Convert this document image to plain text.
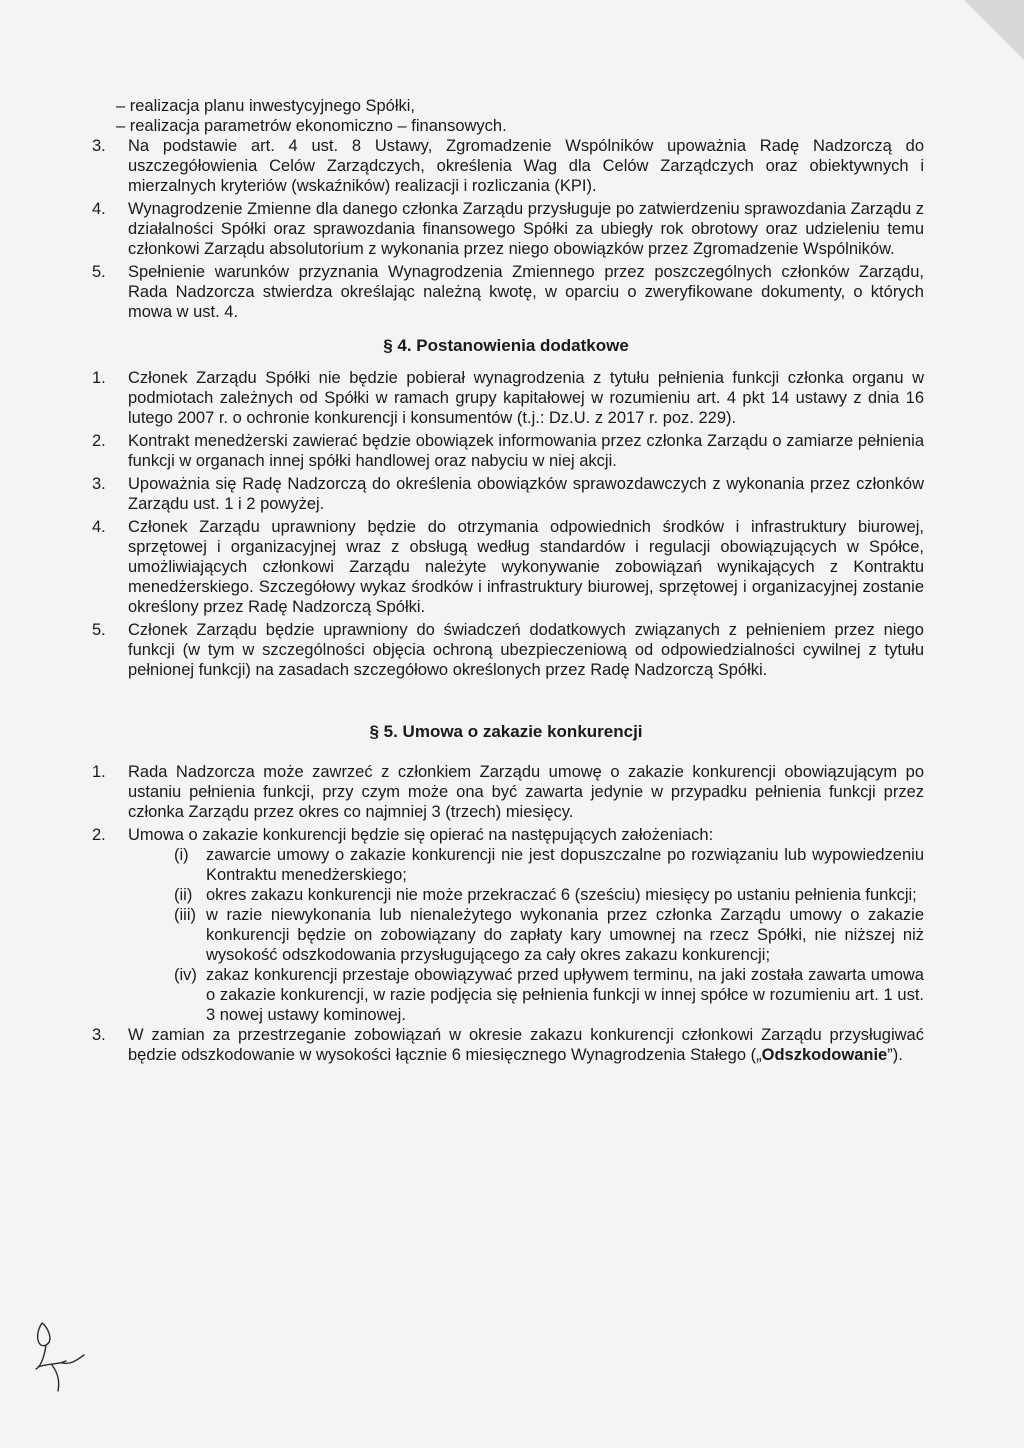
– realizacja planu inwestycyjnego Spółki,

– realizacja parametrów ekonomiczno – finansowych.

3. Na podstawie art. 4 ust. 8 Ustawy, Zgromadzenie Wspólników upoważnia Radę Nadzorczą do uszczegółowienia Celów Zarządczych, określenia Wag dla Celów Zarządczych oraz obiektywnych i mierzalnych kryteriów (wskaźników) realizacji i rozliczania (KPI).
4. Wynagrodzenie Zmienne dla danego członka Zarządu przysługuje po zatwierdzeniu sprawozdania Zarządu z działalności Spółki oraz sprawozdania finansowego Spółki za ubiegły rok obrotowy oraz udzieleniu temu członkowi Zarządu absolutorium z wykonania przez niego obowiązków przez Zgromadzenie Wspólników.
5. Spełnienie warunków przyznania Wynagrodzenia Zmiennego przez poszczególnych członków Zarządu, Rada Nadzorcza stwierdza określając należną kwotę, w oparciu o zweryfikowane dokumenty, o których mowa w ust. 4.
§ 4. Postanowienia dodatkowe
1. Członek Zarządu Spółki nie będzie pobierał wynagrodzenia z tytułu pełnienia funkcji członka organu w podmiotach zależnych od Spółki w ramach grupy kapitałowej w rozumieniu art. 4 pkt 14 ustawy z dnia 16 lutego 2007 r. o ochronie konkurencji i konsumentów (t.j.: Dz.U. z 2017 r. poz. 229).
2. Kontrakt menedżerski zawierać będzie obowiązek informowania przez członka Zarządu o zamiarze pełnienia funkcji w organach innej spółki handlowej oraz nabyciu w niej akcji.
3. Upoważnia się Radę Nadzorczą do określenia obowiązków sprawozdawczych z wykonania przez członków Zarządu ust. 1 i 2 powyżej.
4. Członek Zarządu uprawniony będzie do otrzymania odpowiednich środków i infrastruktury biurowej, sprzętowej i organizacyjnej wraz z obsługą według standardów i regulacji obowiązujących w Spółce, umożliwiających członkowi Zarządu należyte wykonywanie zobowiązań wynikających z Kontraktu menedżerskiego. Szczegółowy wykaz środków i infrastruktury biurowej, sprzętowej i organizacyjnej zostanie określony przez Radę Nadzorczą Spółki.
5. Członek Zarządu będzie uprawniony do świadczeń dodatkowych związanych z pełnieniem przez niego funkcji (w tym w szczególności objęcia ochroną ubezpieczeniową od odpowiedzialności cywilnej z tytułu pełnionej funkcji) na zasadach szczegółowo określonych przez Radę Nadzorczą Spółki.
§ 5. Umowa o zakazie konkurencji
1. Rada Nadzorcza może zawrzeć z członkiem Zarządu umowę o zakazie konkurencji obowiązującym po ustaniu pełnienia funkcji, przy czym może ona być zawarta jedynie w przypadku pełnienia funkcji przez członka Zarządu przez okres co najmniej 3 (trzech) miesięcy.
2. Umowa o zakazie konkurencji będzie się opierać na następujących założeniach:
(i) zawarcie umowy o zakazie konkurencji nie jest dopuszczalne po rozwiązaniu lub wypowiedzeniu Kontraktu menedżerskiego;
(ii) okres zakazu konkurencji nie może przekraczać 6 (sześciu) miesięcy po ustaniu pełnienia funkcji;
(iii) w razie niewykonania lub nienależytego wykonania przez członka Zarządu umowy o zakazie konkurencji będzie on zobowiązany do zapłaty kary umownej na rzecz Spółki, nie niższej niż wysokość odszkodowania przysługującego za cały okres zakazu konkurencji;
(iv) zakaz konkurencji przestaje obowiązywać przed upływem terminu, na jaki została zawarta umowa o zakazie konkurencji, w razie podjęcia się pełnienia funkcji w innej spółce w rozumieniu art. 1 ust. 3 nowej ustawy kominowej.
3. W zamian za przestrzeganie zobowiązań w okresie zakazu konkurencji członkowi Zarządu przysługiwać będzie odszkodowanie w wysokości łącznie 6 miesięcznego Wynagrodzenia Stałego („Odszkodowanie”).
